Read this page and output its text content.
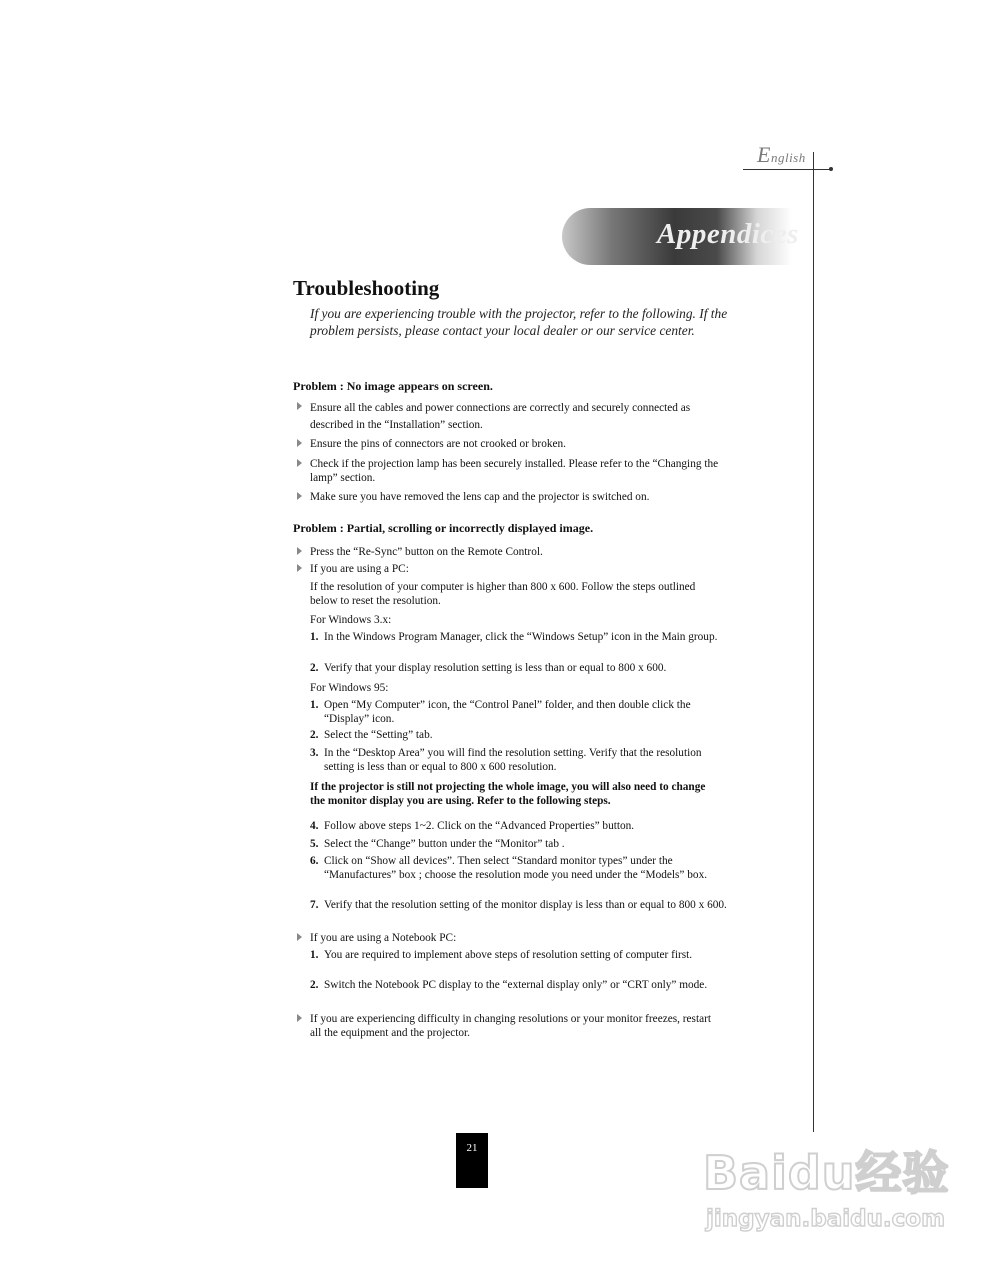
English
Appendices
Troubleshooting
If you are experiencing trouble with the projector, refer to the following. If the problem persists, please contact your local dealer or our service center.
Problem : No image appears on screen.
Ensure all the cables and power connections are correctly and securely connected as described in the “Installation” section.
Ensure the pins of connectors are not crooked or broken.
Check if the projection lamp has been securely installed. Please refer to the “Changing the lamp” section.
Make sure you have removed the lens cap and the projector is switched on.
Problem : Partial, scrolling or incorrectly displayed image.
Press the “Re-Sync” button on the Remote Control.
If you are using a PC:
If the resolution of your computer is higher than 800 x 600. Follow the steps outlined below to reset the resolution.
For Windows 3.x:
1. In the Windows Program Manager, click the “Windows Setup” icon in the Main group.
2. Verify that your display resolution setting is less than or equal to 800 x 600.
For Windows 95:
1. Open “My Computer” icon, the “Control Panel” folder, and then double click the “Display” icon.
2. Select the “Setting” tab.
3. In the “Desktop Area” you will find the resolution setting. Verify that the resolution setting is less than or equal to 800 x 600 resolution.
If the projector is still not projecting the whole image, you will also need to change the monitor display you are using. Refer to the following steps.
4. Follow above steps 1~2. Click on the “Advanced Properties” button.
5. Select the “Change” button under the “Monitor” tab .
6. Click on “Show all devices”. Then select “Standard monitor types” under the “Manufactures” box ; choose the resolution mode you need under the “Models” box.
7. Verify that the resolution setting of the monitor display is less than or equal to 800 x 600.
If you are using a Notebook PC:
1. You are required to implement above steps of resolution setting of computer first.
2. Switch the Notebook PC display to the “external display only” or “CRT only” mode.
If you are experiencing difficulty in changing resolutions or your monitor freezes, restart all the equipment and the projector.
21	Baidu经验
jingyan.baidu.com
